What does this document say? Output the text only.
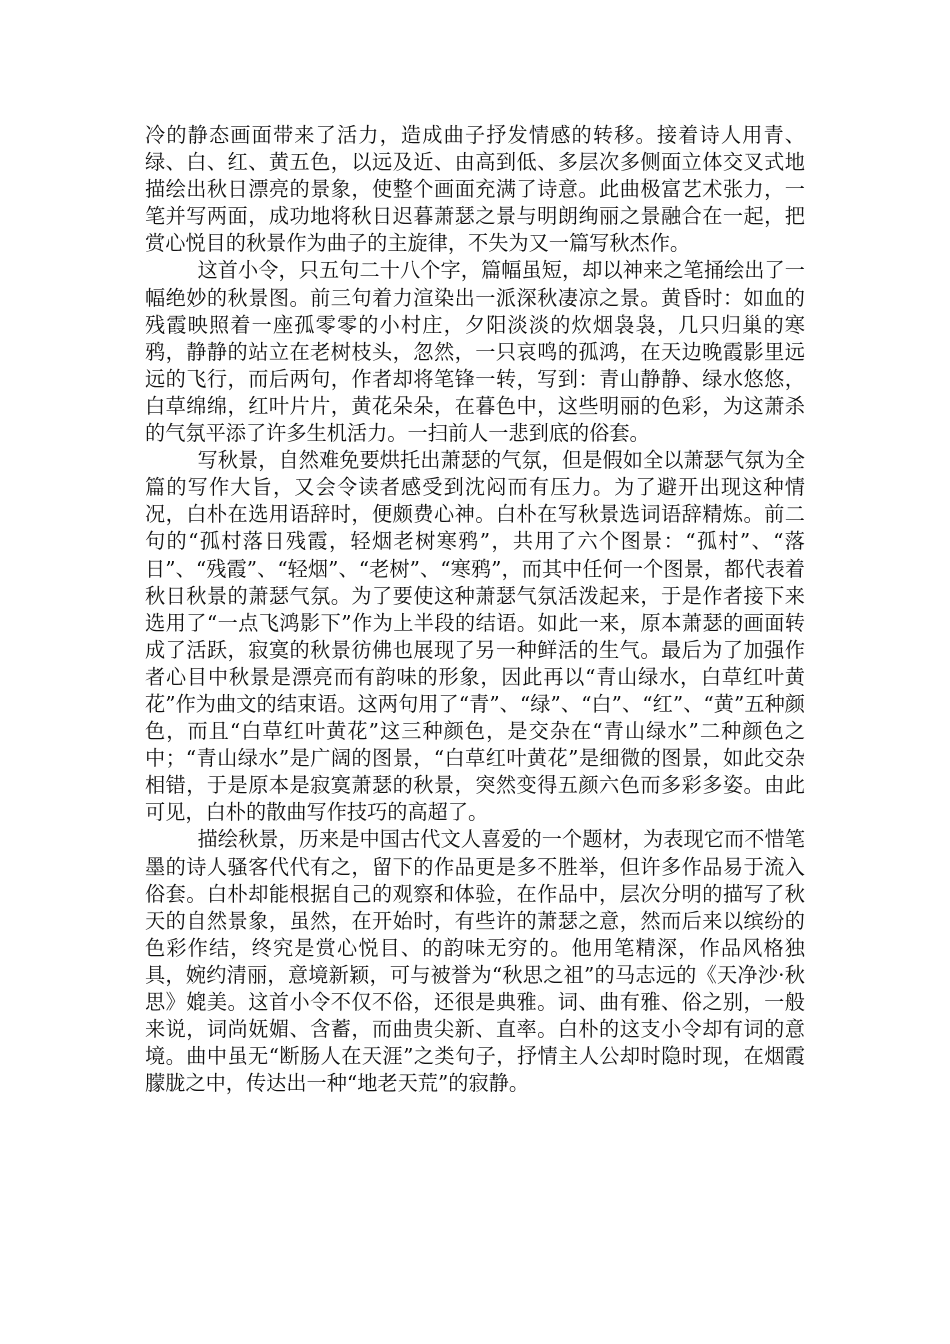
冷的静态画面带来了活力，造成曲子抒发情感的转移。接着诗人用青、绿、白、红、黄五色，以远及近、由高到低、多层次多侧面立体交叉式地描绘出秋日漂亮的景象，使整个画面充满了诗意。此曲极富艺术张力，一笔并写两面，成功地将秋日迟暮萧瑟之景与明朗绚丽之景融合在一起，把赏心悦目的秋景作为曲子的主旋律，不失为又一篇写秋杰作。

这首小令，只五句二十八个字，篇幅虽短，却以神来之笔捅绘出了一幅绝妙的秋景图。前三句着力渲染出一派深秋凄凉之景。黄昏时：如血的残霞映照着一座孤零零的小村庄，夕阳淡淡的炊烟袅袅，几只归巢的寒鸦，静静的站立在老树枝头，忽然，一只哀鸣的孤鸿，在天边晚霞影里远远的飞行，而后两句，作者却将笔锋一转，写到：青山静静、绿水悠悠，白草绵绵，红叶片片，黄花朵朵，在暮色中，这些明丽的色彩，为这萧杀的气氛平添了许多生机活力。一扫前人一悲到底的俗套。

写秋景，自然难免要烘托出萧瑟的气氛，但是假如全以萧瑟气氛为全篇的写作大旨，又会令读者感受到沈闷而有压力。为了避开出现这种情况，白朴在选用语辞时，便颇费心神。白朴在写秋景选词语辞精炼。前二句的“孤村落日残霞，轻烟老树寒鸦”，共用了六个图景：“孤村”、“落日”、“残霞”、“轻烟”、“老树”、“寒鸦”，而其中任何一个图景，都代表着秋日秋景的萧瑟气氛。为了要使这种萧瑟气氛活泼起来，于是作者接下来选用了“一点飞鸿影下”作为上半段的结语。如此一来，原本萧瑟的画面转成了活跃，寂寞的秋景彷佛也展现了另一种鲜活的生气。最后为了加强作者心目中秋景是漂亮而有韵味的形象，因此再以“青山绿水，白草红叶黄花”作为曲文的结束语。这两句用了“青”、“绿”、“白”、“红”、“黄”五种颜色，而且“白草红叶黄花”这三种颜色，是交杂在“青山绿水”二种颜色之中；“青山绿水”是广阔的图景，“白草红叶黄花”是细微的图景，如此交杂相错，于是原本是寂寞萧瑟的秋景，突然变得五颜六色而多彩多姿。由此可见，白朴的散曲写作技巧的高超了。

描绘秋景，历来是中国古代文人喜爱的一个题材，为表现它而不惜笔墨的诗人骚客代代有之，留下的作品更是多不胜举，但许多作品易于流入俗套。白朴却能根据自己的观察和体验，在作品中，层次分明的描写了秋天的自然景象，虽然，在开始时，有些许的萧瑟之意，然而后来以缤纷的色彩作结，终究是赏心悦目、的韵味无穷的。他用笔精深，作品风格独具，婉约清丽，意境新颖，可与被誉为“秋思之祖”的马志远的《天净沙·秋思》媲美。这首小令不仅不俗，还很是典雅。词、曲有雅、俗之别，一般来说，词尚妩媚、含蓄，而曲贵尖新、直率。白朴的这支小令却有词的意境。曲中虽无“断肠人在天涯”之类句子，抒情主人公却时隐时现，在烟霞朦胧之中，传达出一种“地老天荒”的寂静。
